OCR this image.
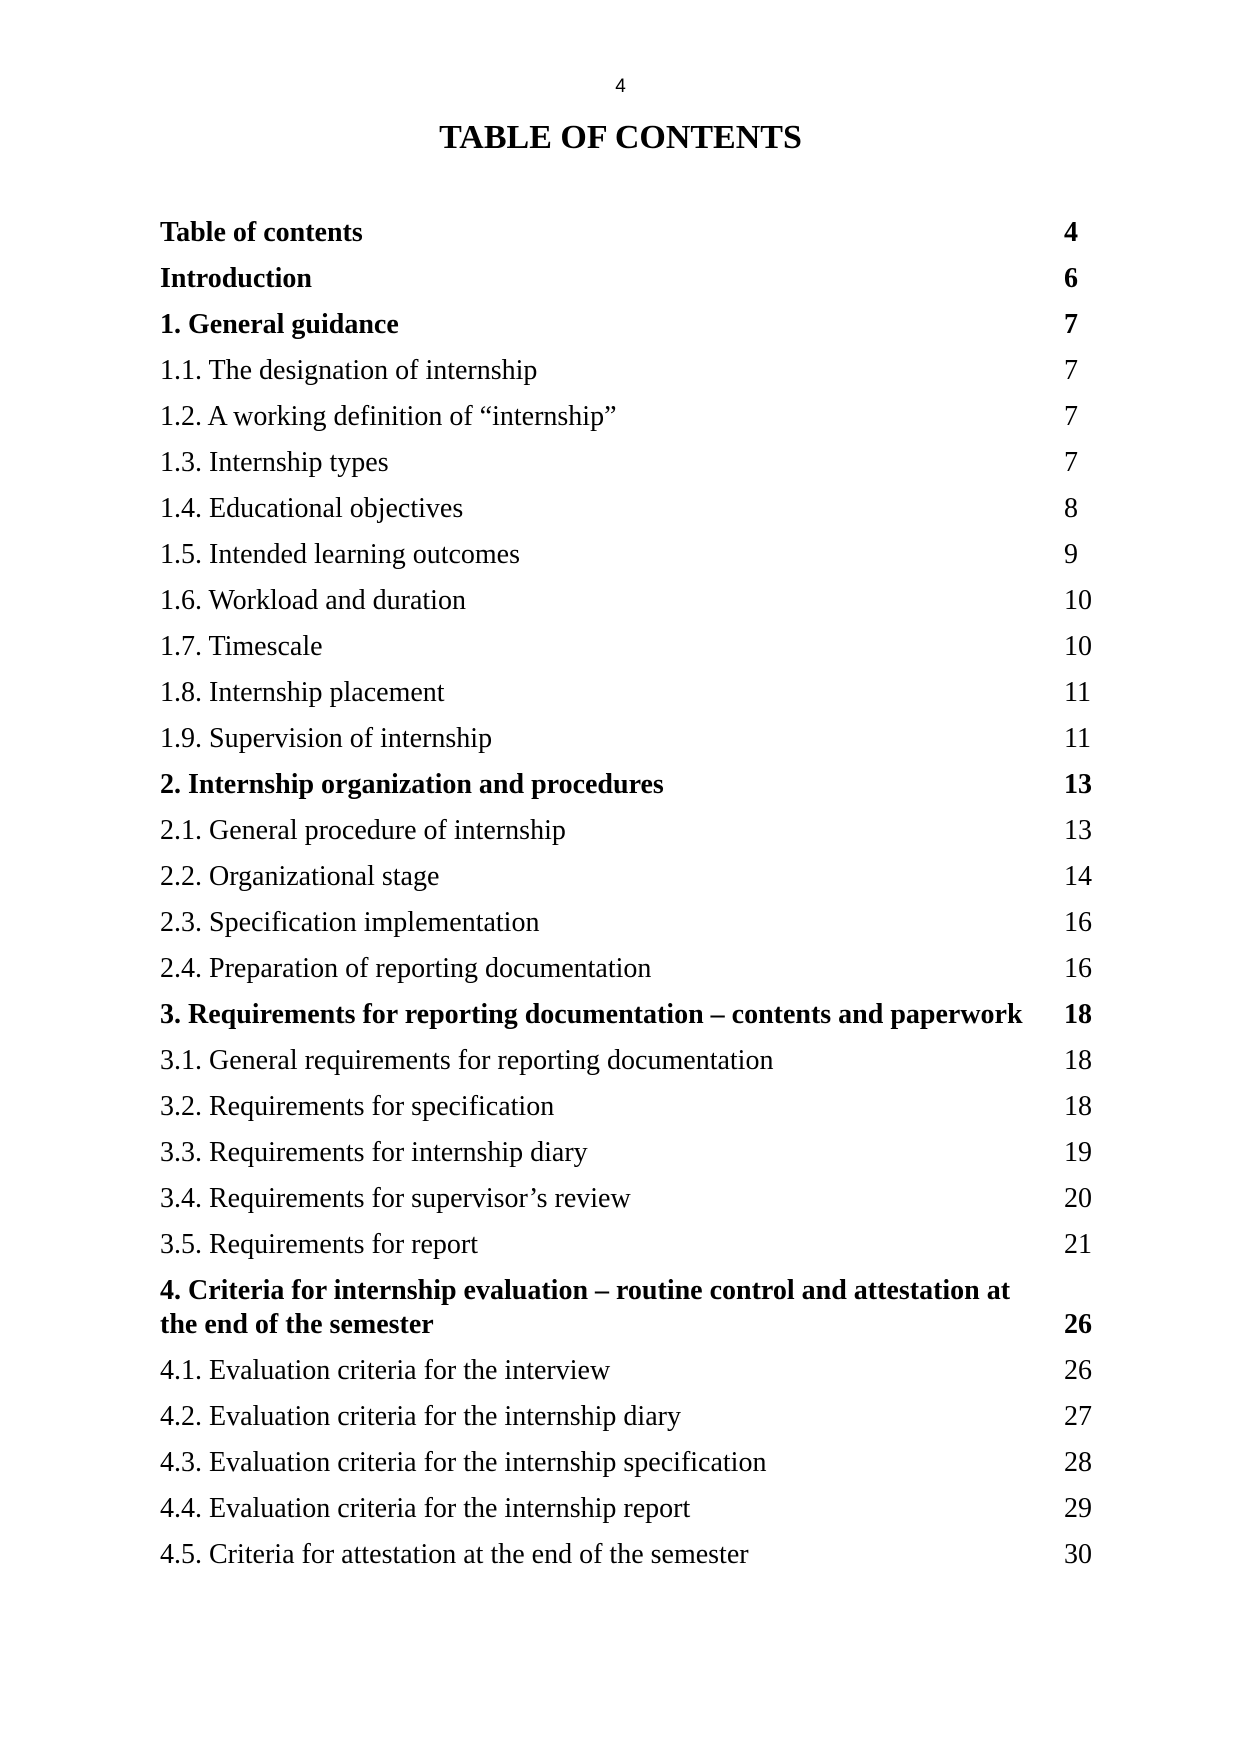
4
TABLE OF CONTENTS
Table of contents	4
Introduction	6
1. General guidance	7
1.1. The designation of internship	7
1.2. A working definition of “internship”	7
1.3. Internship types	7
1.4. Educational objectives	8
1.5. Intended learning outcomes	9
1.6. Workload and duration	10
1.7. Timescale	10
1.8. Internship placement	11
1.9. Supervision of internship	11
2. Internship organization and procedures	13
2.1. General procedure of internship	13
2.2. Organizational stage	14
2.3. Specification implementation	16
2.4. Preparation of reporting documentation	16
3. Requirements for reporting documentation – contents and paperwork	18
3.1. General requirements for reporting documentation	18
3.2. Requirements for specification	18
3.3. Requirements for internship diary	19
3.4. Requirements for supervisor’s review	20
3.5. Requirements for report	21
4. Criteria for internship evaluation – routine control and attestation at the end of the semester	26
4.1. Evaluation criteria for the interview	26
4.2. Evaluation criteria for the internship diary	27
4.3. Evaluation criteria for the internship specification	28
4.4. Evaluation criteria for the internship report	29
4.5. Criteria for attestation at the end of the semester	30
